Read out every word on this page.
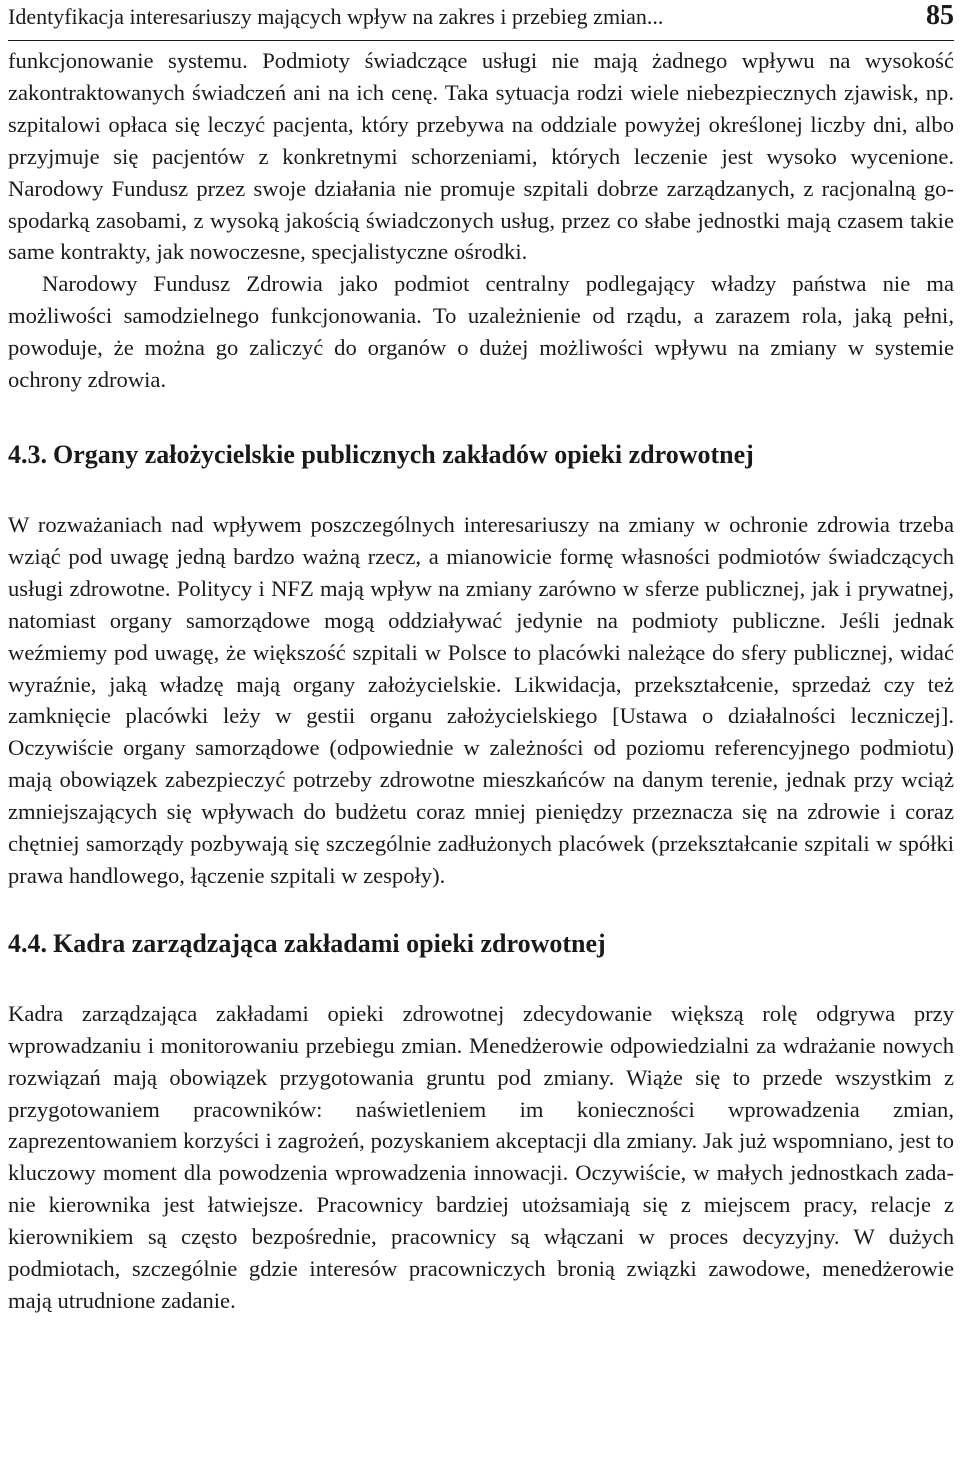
Identyfikacja interesariuszy mających wpływ na zakres i przebieg zmian...	85

funkcjonowanie systemu. Podmioty świadczące usługi nie mają żadnego wpływu na wysokość zakontraktowanych świadczeń ani na ich cenę. Taka sytuacja rodzi wiele niebezpiecznych zjawisk, np. szpitalowi opłaca się leczyć pacjenta, który przebywa na oddziale powyżej określonej liczby dni, albo przyjmuje się pacjentów z konkretnymi schorzeniami, których leczenie jest wysoko wycenione. Narodowy Fundusz przez swoje działania nie promuje szpitali dobrze zarządzanych, z racjonalną gospodarką zasobami, z wysoką jakością świadczonych usług, przez co słabe jednostki mają czasem takie same kontrakty, jak nowoczesne, specjalistyczne ośrodki.

Narodowy Fundusz Zdrowia jako podmiot centralny podlegający władzy państwa nie ma możliwości samodzielnego funkcjonowania. To uzależnienie od rządu, a zarazem rola, jaką pełni, powoduje, że można go zaliczyć do organów o dużej możliwości wpływu na zmiany w systemie ochrony zdrowia.

4.3. Organy założycielskie publicznych zakładów opieki zdrowotnej

W rozważaniach nad wpływem poszczególnych interesariuszy na zmiany w ochronie zdrowia trzeba wziąć pod uwagę jedną bardzo ważną rzecz, a mianowicie formę własności podmiotów świadczących usługi zdrowotne. Politycy i NFZ mają wpływ na zmiany zarówno w sferze publicznej, jak i prywatnej, natomiast organy samorządowe mogą oddziaływać jedynie na podmioty publiczne. Jeśli jednak weźmiemy pod uwagę, że większość szpitali w Polsce to placówki należące do sfery publicznej, widać wyraźnie, jaką władzę mają organy założycielskie. Likwidacja, przekształcenie, sprzedaż czy też zamknięcie placówki leży w gestii organu założycielskiego [Ustawa o działalności leczniczej]. Oczywiście organy samorządowe (odpowiednie w zależności od poziomu referencyjnego podmiotu) mają obowiązek zabezpieczyć potrzeby zdrowotne mieszkańców na danym terenie, jednak przy wciąż zmniejszających się wpływach do budżetu coraz mniej pieniędzy przeznacza się na zdrowie i coraz chętniej samorządy pozbywają się szczególnie zadłużonych placówek (przekształcanie szpitali w spółki prawa handlowego, łączenie szpitali w zespoły).

4.4. Kadra zarządzająca zakładami opieki zdrowotnej

Kadra zarządzająca zakładami opieki zdrowotnej zdecydowanie większą rolę odgrywa przy wprowadzaniu i monitorowaniu przebiegu zmian. Menedżerowie odpowiedzialni za wdrażanie nowych rozwiązań mają obowiązek przygotowania gruntu pod zmiany. Wiąże się to przede wszystkim z przygotowaniem pracowników: naświetleniem im konieczności wprowadzenia zmian, zaprezentowaniem korzyści i zagrożeń, pozyskaniem akceptacji dla zmiany. Jak już wspomniano, jest to kluczowy moment dla powodzenia wprowadzenia innowacji. Oczywiście, w małych jednostkach zadanie kierownika jest łatwiejsze. Pracownicy bardziej utożsamiają się z miejscem pracy, relacje z kierownikiem są często bezpośrednie, pracownicy są włączani w proces decyzyjny. W dużych podmiotach, szczególnie gdzie interesów pracowniczych bronią związki zawodowe, menedżerowie mają utrudnione zadanie.
